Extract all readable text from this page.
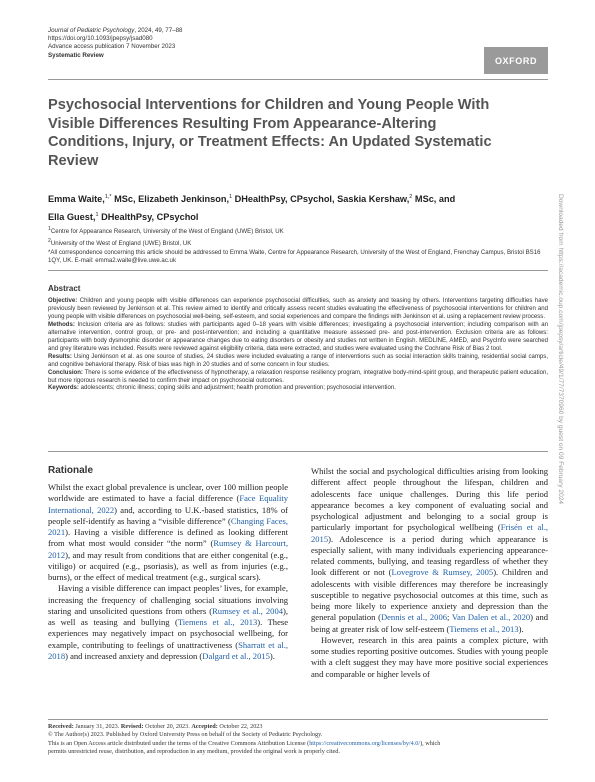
Journal of Pediatric Psychology, 2024, 49, 77–88
https://doi.org/10.1093/jpepsy/jsad080
Advance access publication 7 November 2023
Systematic Review
OXFORD
Psychosocial Interventions for Children and Young People With Visible Differences Resulting From Appearance-Altering Conditions, Injury, or Treatment Effects: An Updated Systematic Review
Emma Waite,$^{1,*}$ MSc, Elizabeth Jenkinson,$^1$ DHealthPsy, CPsychol, Saskia Kershaw,$^2$ MSc, and
Ella Guest,$^1$ DHealthPsy, CPsychol

$^1$Centre for Appearance Research, University of the West of England (UWE) Bristol, UK

$^2$University of the West of England (UWE) Bristol, UK

*All correspondence concerning this article should be addressed to Emma Waite, Centre for Appearance Research, University of the West of England, Frenchay Campus, Bristol BS16 1QY, UK. E-mail: emma2.waite@live.uwe.ac.uk

Abstract

Objective: Children and young people with visible differences can experience psychosocial difficulties, such as anxiety and teasing by others. Interventions targeting difficulties have previously been reviewed by Jenkinson et al. This review aimed to identify and critically assess recent studies evaluating the effectiveness of psychosocial interventions for children and young people with visible differences on psychosocial well-being, self-esteem, and social experiences and compare the findings with Jenkinson et al. using a replacement review process.

Methods: Inclusion criteria are as follows: studies with participants aged 0–18 years with visible differences; investigating a psychosocial intervention; including comparison with an alternative intervention, control group, or pre- and post-intervention; and including a quantitative measure assessed pre- and post-intervention. Exclusion criteria are as follows: participants with body dysmorphic disorder or appearance changes due to eating disorders or obesity and studies not written in English. MEDLINE, AMED, and PsycInfo were searched and grey literature was included. Results were reviewed against eligibility criteria, data were extracted, and studies were evaluated using the Cochrane Risk of Bias 2 tool.

Results: Using Jenkinson et al. as one source of studies, 24 studies were included evaluating a range of interventions such as social interaction skills training, residential social camps, and cognitive behavioral therapy. Risk of bias was high in 20 studies and of some concern in four studies.

Conclusion: There is some evidence of the effectiveness of hypnotherapy, a relaxation response resiliency program, integrative body-mind-spirit group, and therapeutic patient education, but more rigorous research is needed to confirm their impact on psychosocial outcomes.

Keywords: adolescents; chronic illness; coping skills and adjustment; health promotion and prevention; psychosocial intervention.

Rationale

Whilst the exact global prevalence is unclear, over 100 million people worldwide are estimated to have a facial difference (Face Equality International, 2022) and, according to U.K.-based statistics, 18% of people self-identify as having a “visible difference” (Changing Faces, 2021). Having a visible difference is defined as looking different from what most would consider “the norm” (Rumsey & Harcourt, 2012), and may result from conditions that are either congenital (e.g., vitiligo) or acquired (e.g., psoriasis), as well as from injuries (e.g., burns), or the effect of medical treatment (e.g., surgical scars).

Having a visible difference can impact peoples’ lives, for example, increasing the frequency of challenging social situations involving staring and unsolicited questions from others (Rumsey et al., 2004), as well as teasing and bullying (Tiemens et al., 2013). These experiences may negatively impact on psychosocial wellbeing, for example, contributing to feelings of unattractiveness (Sharratt et al., 2018) and increased anxiety and depression (Dalgard et al., 2015).

Whilst the social and psychological difficulties arising from looking different affect people throughout the lifespan, children and adolescents face unique challenges. During this life period appearance becomes a key component of evaluating social and psychological adjustment and belonging to a social group is particularly important for psychological wellbeing (Frisén et al., 2015). Adolescence is a period during which appearance is especially salient, with many individuals experiencing appearance-related comments, bullying, and teasing regardless of whether they look different or not (Lovegrove & Rumsey, 2005). Children and adolescents with visible differences may therefore be increasingly susceptible to negative psychosocial outcomes at this time, such as being more likely to experience anxiety and depression than the general population (Dennis et al., 2006; Van Dalen et al., 2020) and being at greater risk of low self-esteem (Tiemens et al., 2013).

However, research in this area paints a complex picture, with some studies reporting positive outcomes. Studies with young people with a cleft suggest they may have more positive social experiences and comparable or higher levels of

Received: January 31, 2023. Revised: October 20, 2023. Accepted: October 22, 2023
© The Author(s) 2023. Published by Oxford University Press on behalf of the Society of Pediatric Psychology.
This is an Open Access article distributed under the terms of the Creative Commons Attribution License (https://creativecommons.org/licenses/by/4.0/), which
permits unrestricted reuse, distribution, and reproduction in any medium, provided the original work is properly cited.
Downloaded from https://academic.oup.com/jpepsy/article/49/1/77/7370960 by guest on 09 February 2024
